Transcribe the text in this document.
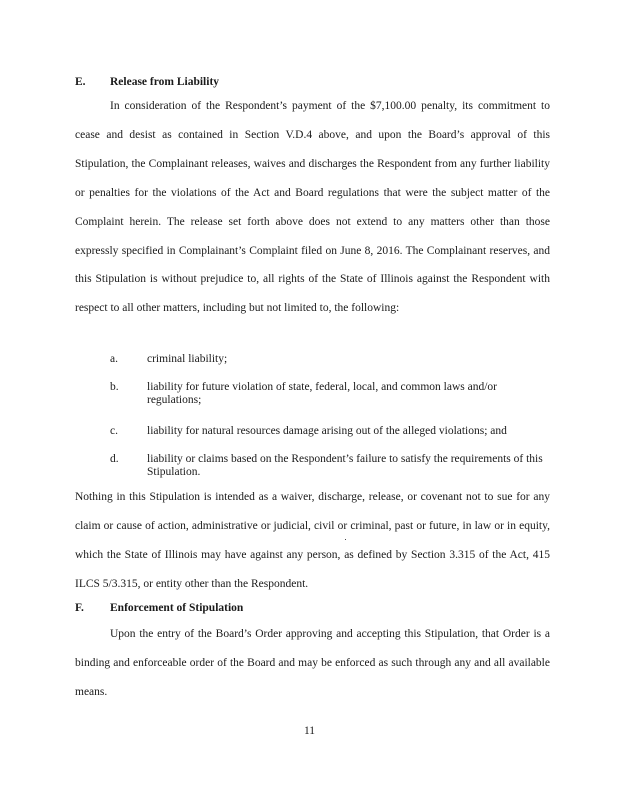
E. Release from Liability

In consideration of the Respondent’s payment of the $7,100.00 penalty, its commitment to cease and desist as contained in Section V.D.4 above, and upon the Board’s approval of this Stipulation, the Complainant releases, waives and discharges the Respondent from any further liability or penalties for the violations of the Act and Board regulations that were the subject matter of the Complaint herein. The release set forth above does not extend to any matters other than those expressly specified in Complainant’s Complaint filed on June 8, 2016. The Complainant reserves, and this Stipulation is without prejudice to, all rights of the State of Illinois against the Respondent with respect to all other matters, including but not limited to, the following:

a.	criminal liability;
b. liability for future violation of state, federal, local, and common laws and/or regulations;
c.	liability for natural resources damage arising out of the alleged violations; and
d. liability or claims based on the Respondent’s failure to satisfy the requirements of this Stipulation.

Nothing in this Stipulation is intended as a waiver, discharge, release, or covenant not to sue for any claim or cause of action, administrative or judicial, civil or criminal, past or future, in law or in equity, which the State of Illinois may have against any person, as defined by Section 3.315 of the Act, 415 ILCS 5/3.315, or entity other than the Respondent.

F. Enforcement of Stipulation

Upon the entry of the Board’s Order approving and accepting this Stipulation, that Order is a binding and enforceable order of the Board and may be enforced as such through any and all available means.

11
